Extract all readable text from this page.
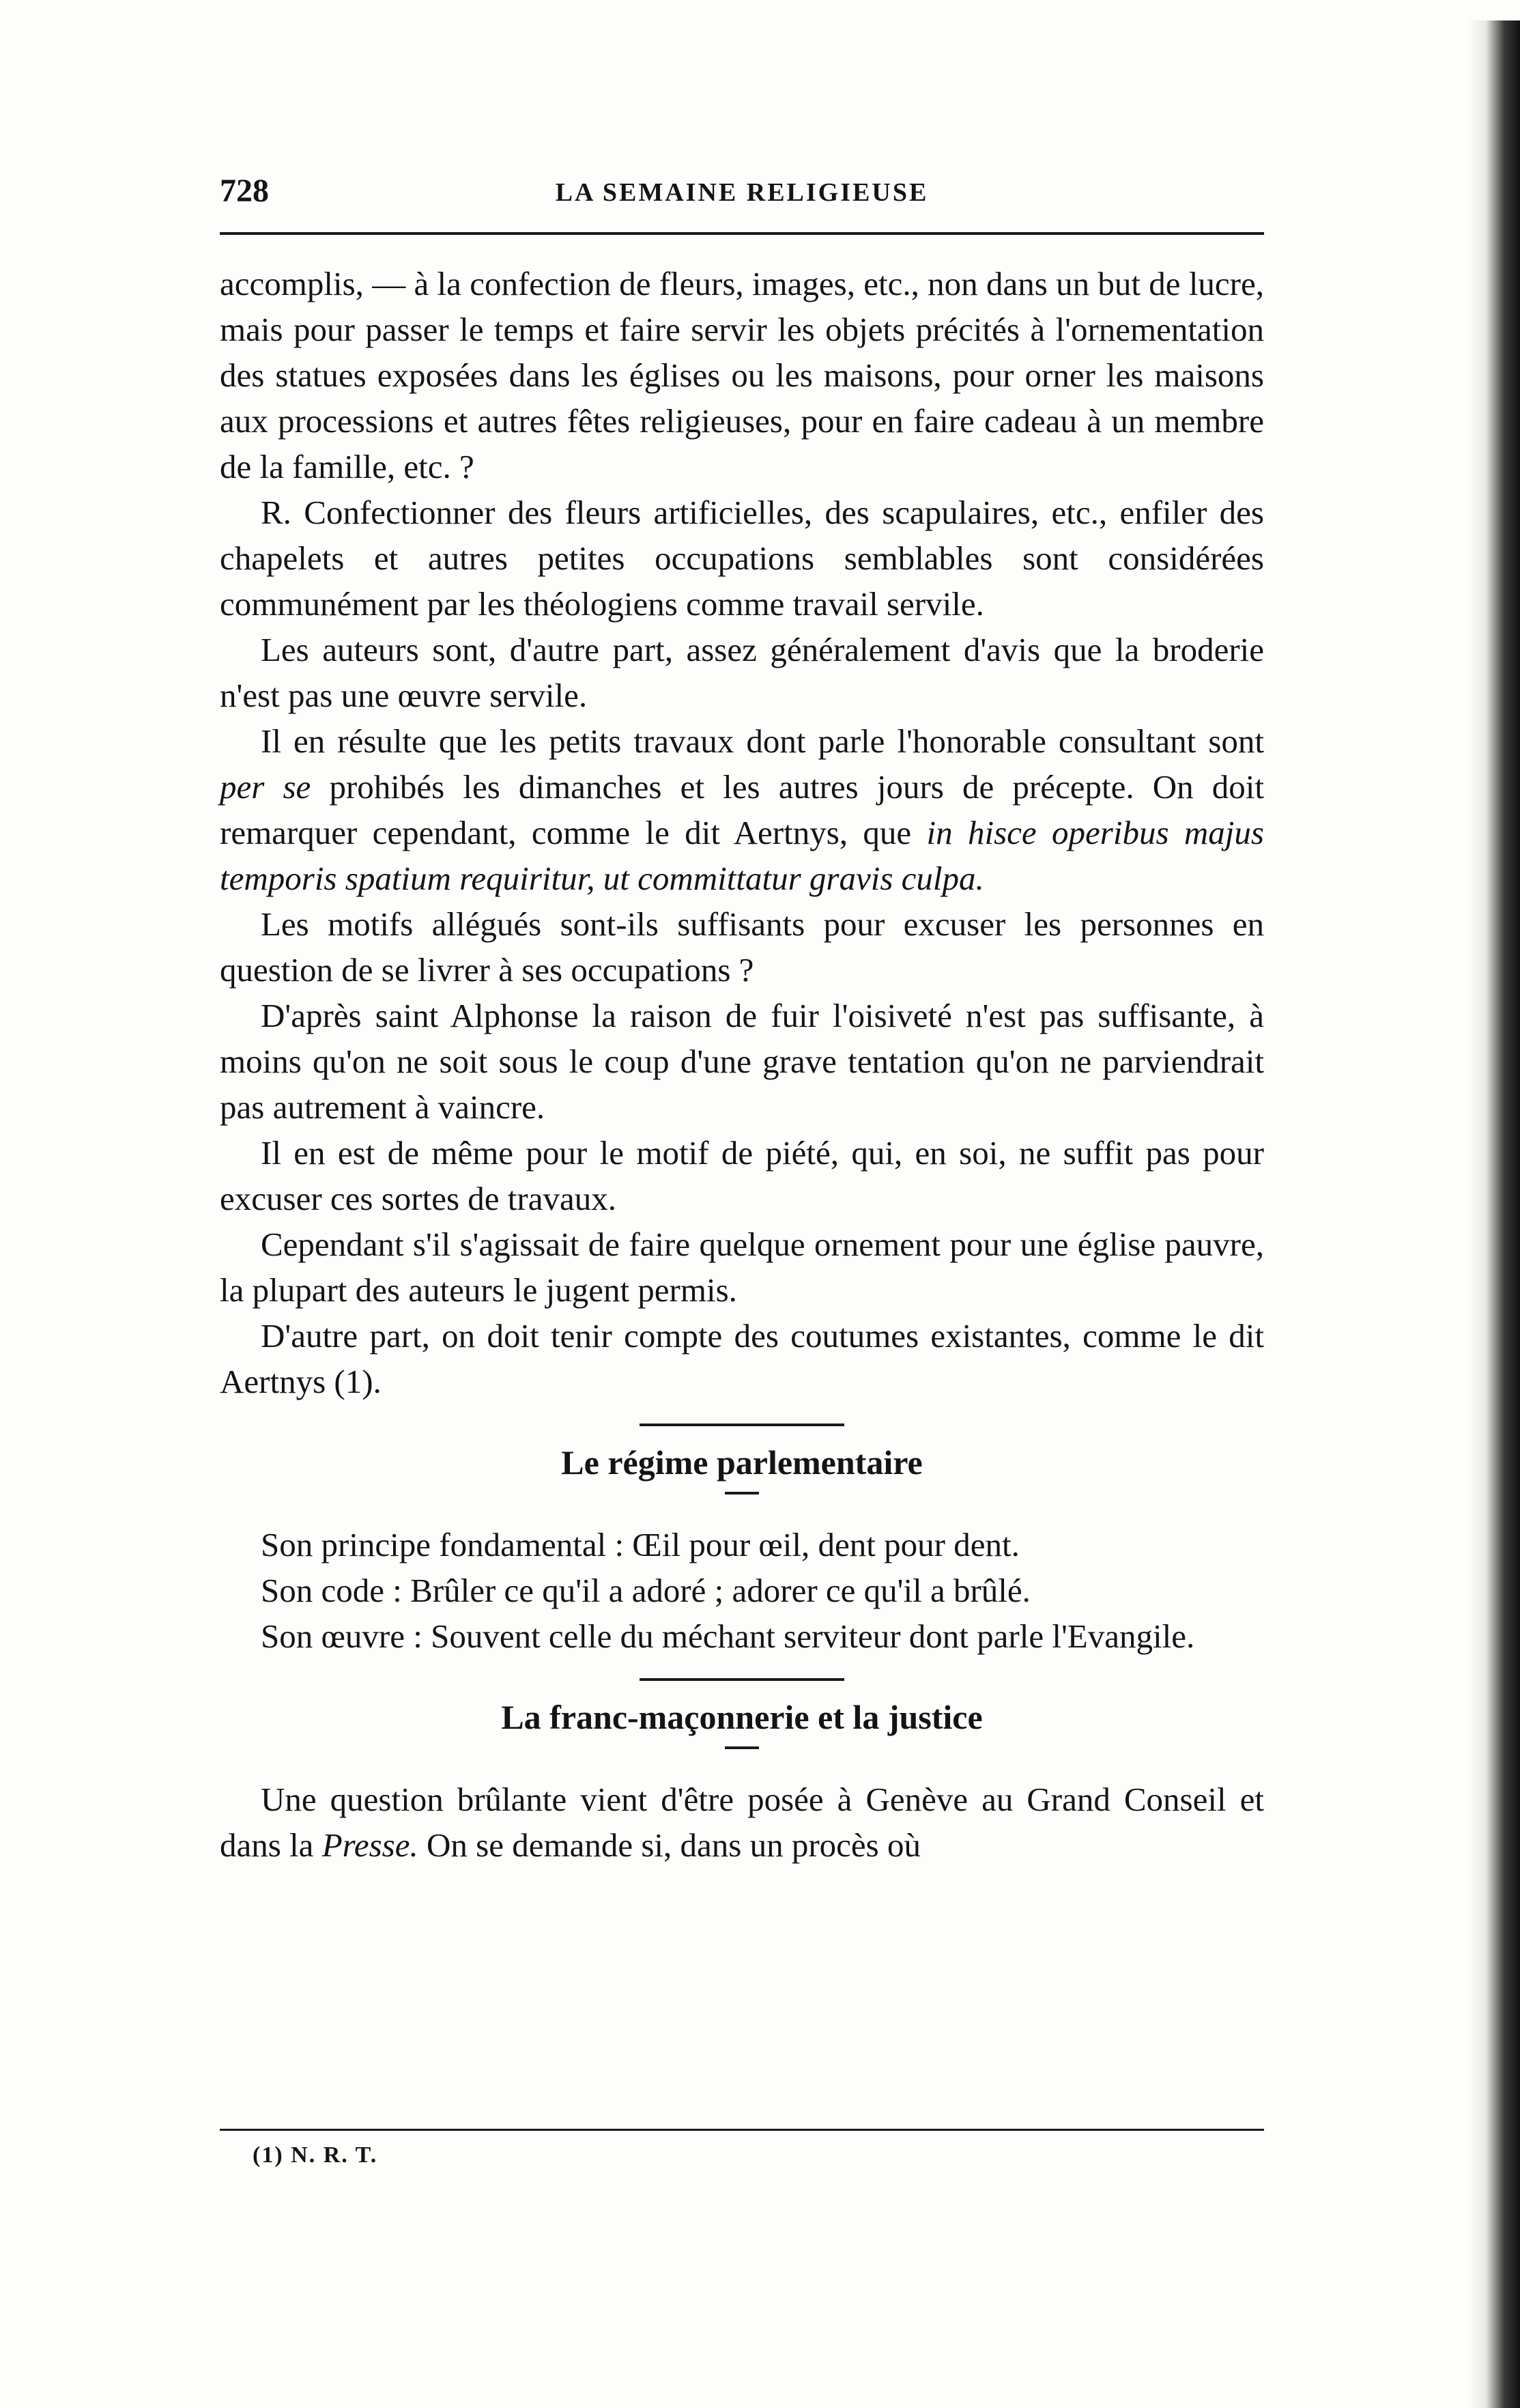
728	LA SEMAINE RELIGIEUSE

accomplis, — à la confection de fleurs, images, etc., non dans un but de lucre, mais pour passer le temps et faire servir les objets précités à l'ornementation des statues exposées dans les églises ou les maisons, pour orner les maisons aux processions et autres fêtes religieuses, pour en faire cadeau à un membre de la famille, etc. ?

R. Confectionner des fleurs artificielles, des scapulaires, etc., enfiler des chapelets et autres petites occupations semblables sont considérées communément par les théologiens comme travail servile.

Les auteurs sont, d'autre part, assez généralement d'avis que la broderie n'est pas une œuvre servile.

Il en résulte que les petits travaux dont parle l'honorable consultant sont per se prohibés les dimanches et les autres jours de précepte. On doit remarquer cependant, comme le dit Aertnys, que in hisce operibus majus temporis spatium requiritur, ut committatur gravis culpa.

Les motifs allégués sont-ils suffisants pour excuser les personnes en question de se livrer à ses occupations ?

D'après saint Alphonse la raison de fuir l'oisiveté n'est pas suffisante, à moins qu'on ne soit sous le coup d'une grave tentation qu'on ne parviendrait pas autrement à vaincre.

Il en est de même pour le motif de piété, qui, en soi, ne suffit pas pour excuser ces sortes de travaux.

Cependant s'il s'agissait de faire quelque ornement pour une église pauvre, la plupart des auteurs le jugent permis.

D'autre part, on doit tenir compte des coutumes existantes, comme le dit Aertnys (1).

Le régime parlementaire

Son principe fondamental : Œil pour œil, dent pour dent.

Son code : Brûler ce qu'il a adoré ; adorer ce qu'il a brûlé.

Son œuvre : Souvent celle du méchant serviteur dont parle l'Evangile.

La franc-maçonnerie et la justice

Une question brûlante vient d'être posée à Genève au Grand Conseil et dans la Presse. On se demande si, dans un procès où

(1) N. R. T.
